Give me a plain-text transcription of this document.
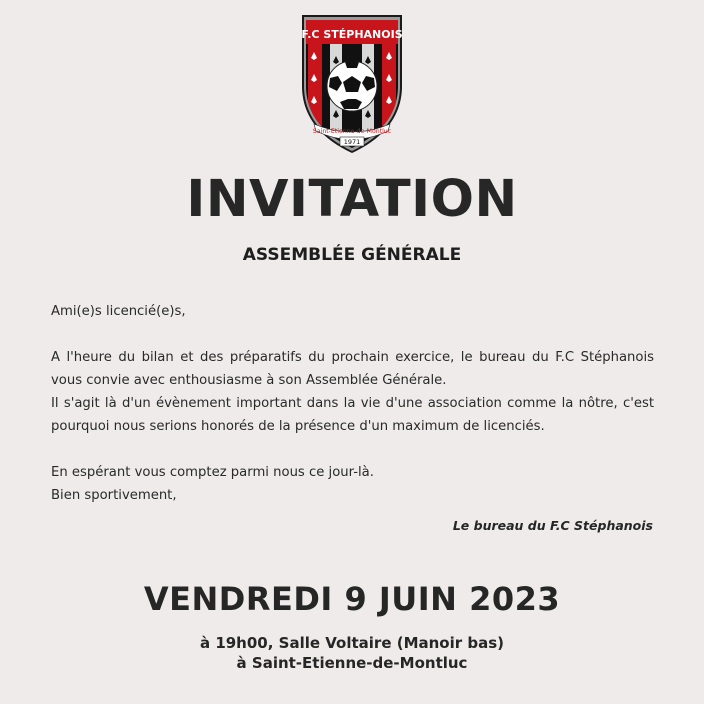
F.C STÉPHANOIS
Saint-Etienne-de-Montluc
1971
INVITATION
ASSEMBLÉE GÉNÉRALE

Ami(e)s licencié(e)s,

A l'heure du bilan et des préparatifs du prochain exercice, le bureau du F.C Stéphanois vous convie avec enthousiasme à son Assemblée Générale.

Il s'agit là d'un évènement important dans la vie d'une association comme la nôtre, c'est pourquoi nous serions honorés de la présence d'un maximum de licenciés.

En espérant vous comptez parmi nous ce jour-là.

Bien sportivement,

Le bureau du F.C Stéphanois
VENDREDI 9 JUIN 2023
à 19h00, Salle Voltaire (Manoir bas)
à Saint-Etienne-de-Montluc
